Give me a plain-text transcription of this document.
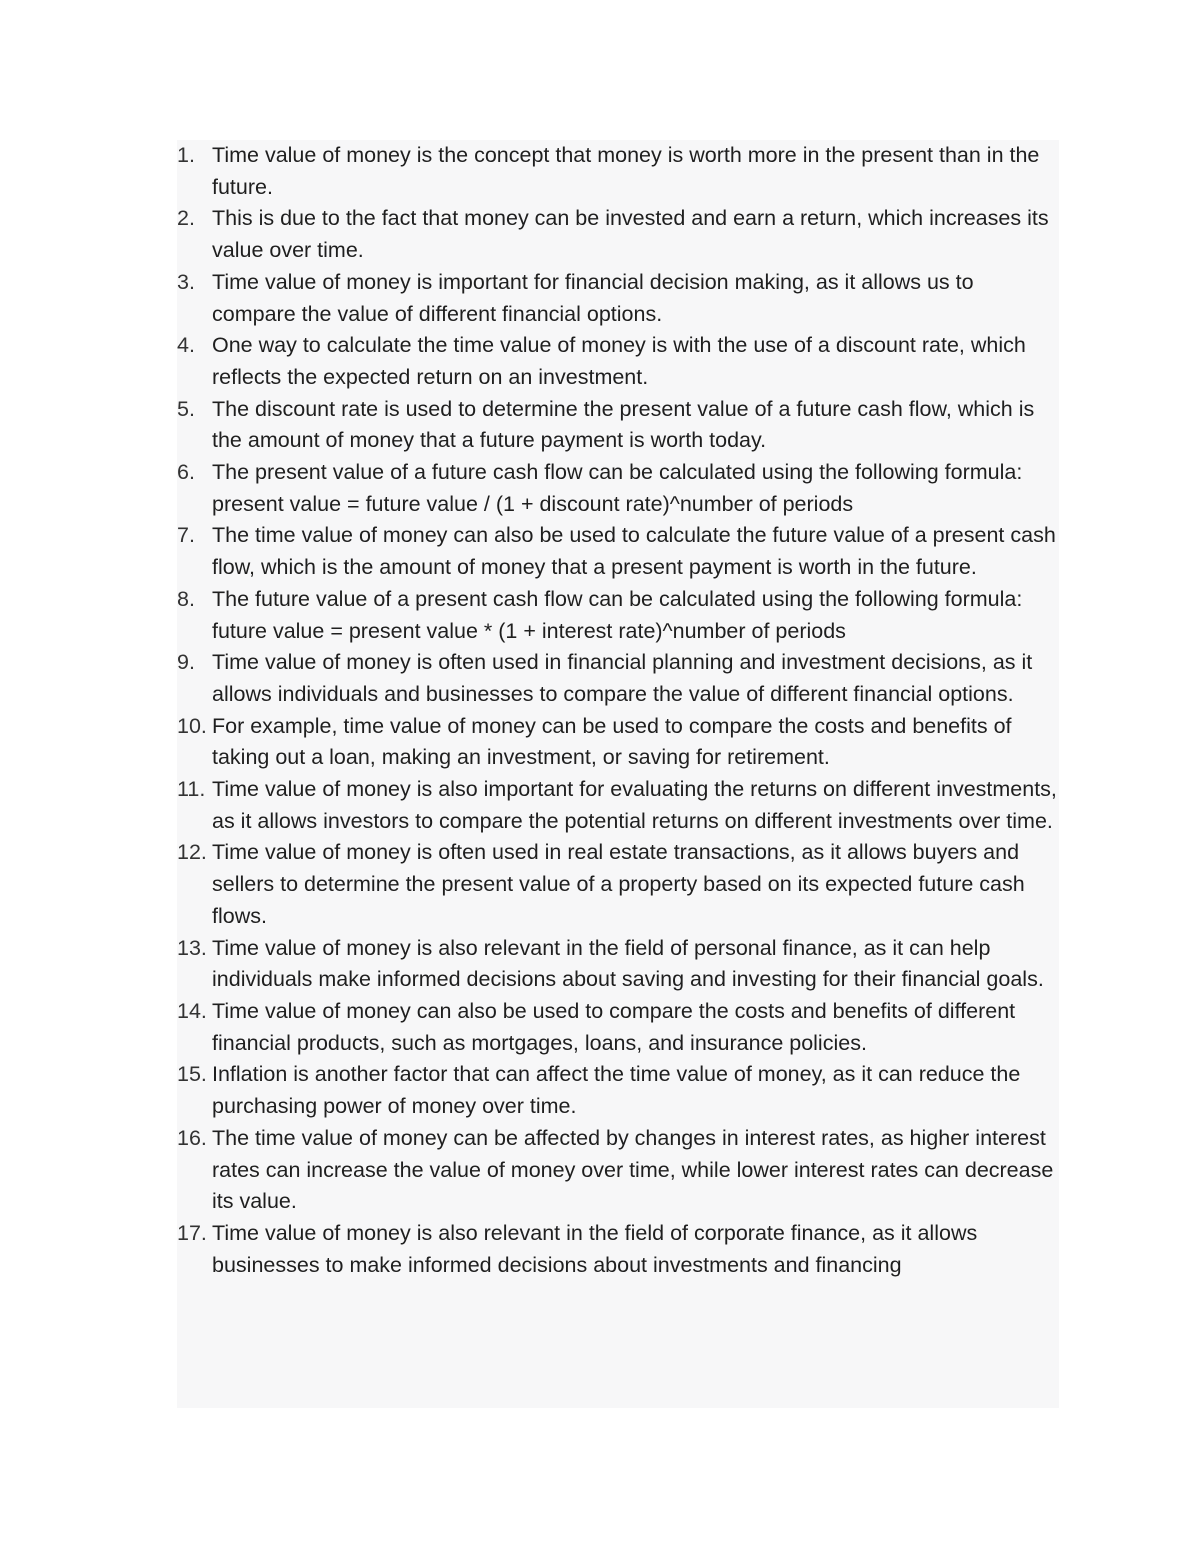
1. Time value of money is the concept that money is worth more in the present than in the future.
2. This is due to the fact that money can be invested and earn a return, which increases its value over time.
3. Time value of money is important for financial decision making, as it allows us to compare the value of different financial options.
4. One way to calculate the time value of money is with the use of a discount rate, which reflects the expected return on an investment.
5. The discount rate is used to determine the present value of a future cash flow, which is the amount of money that a future payment is worth today.
6. The present value of a future cash flow can be calculated using the following formula: present value = future value / (1 + discount rate)^number of periods
7. The time value of money can also be used to calculate the future value of a present cash flow, which is the amount of money that a present payment is worth in the future.
8. The future value of a present cash flow can be calculated using the following formula: future value = present value * (1 + interest rate)^number of periods
9. Time value of money is often used in financial planning and investment decisions, as it allows individuals and businesses to compare the value of different financial options.
10. For example, time value of money can be used to compare the costs and benefits of taking out a loan, making an investment, or saving for retirement.
11. Time value of money is also important for evaluating the returns on different investments, as it allows investors to compare the potential returns on different investments over time.
12. Time value of money is often used in real estate transactions, as it allows buyers and sellers to determine the present value of a property based on its expected future cash flows.
13. Time value of money is also relevant in the field of personal finance, as it can help individuals make informed decisions about saving and investing for their financial goals.
14. Time value of money can also be used to compare the costs and benefits of different financial products, such as mortgages, loans, and insurance policies.
15. Inflation is another factor that can affect the time value of money, as it can reduce the purchasing power of money over time.
16. The time value of money can be affected by changes in interest rates, as higher interest rates can increase the value of money over time, while lower interest rates can decrease its value.
17. Time value of money is also relevant in the field of corporate finance, as it allows businesses to make informed decisions about investments and financing
